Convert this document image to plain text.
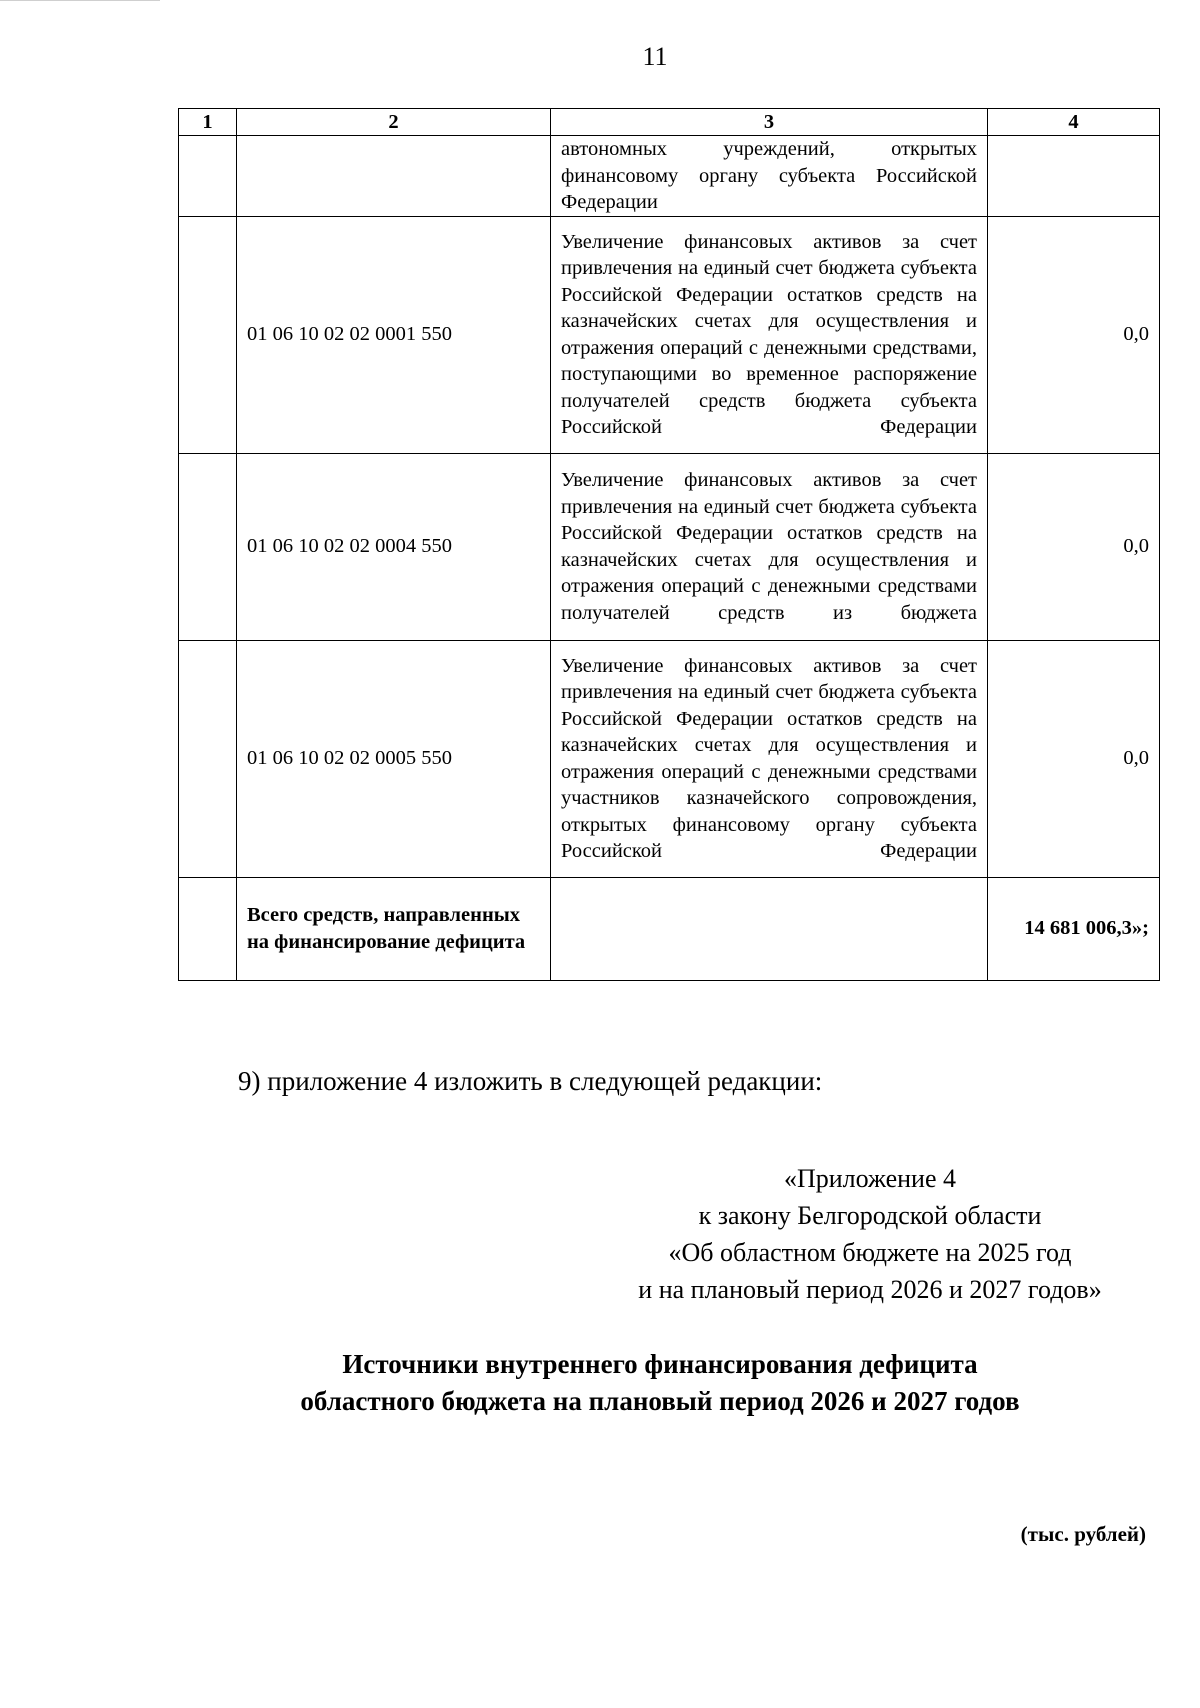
11
1	2	3	4
		автономных учреждений, открытых финансовому органу субъекта Российской Федерации	
	01 06 10 02 02 0001 550	Увеличение финансовых активов за счет привлечения на единый счет бюджета субъекта Российской Федерации остатков средств на казначейских счетах для осуществления и отражения операций с денежными средствами, поступающими во временное распоряжение получателей средств бюджета субъекта Российской Федерации	0,0
	01 06 10 02 02 0004 550	Увеличение финансовых активов за счет привлечения на единый счет бюджета субъекта Российской Федерации остатков средств на казначейских счетах для осуществления и отражения операций с денежными средствами получателей средств из бюджета	0,0
	01 06 10 02 02 0005 550	Увеличение финансовых активов за счет привлечения на единый счет бюджета субъекта Российской Федерации остатков средств на казначейских счетах для осуществления и отражения операций с денежными средствами участников казначейского сопровождения, открытых финансовому органу субъекта Российской Федерации	0,0
	Всего средств, направленных на финансирование дефицита		14 681 006,3»;
9) приложение 4 изложить в следующей редакции:
«Приложение 4
к закону Белгородской области
«Об областном бюджете на 2025 год
и на плановый период 2026 и 2027 годов»
Источники внутреннего финансирования дефицита
областного бюджета на плановый период 2026 и 2027 годов
(тыс. рублей)
